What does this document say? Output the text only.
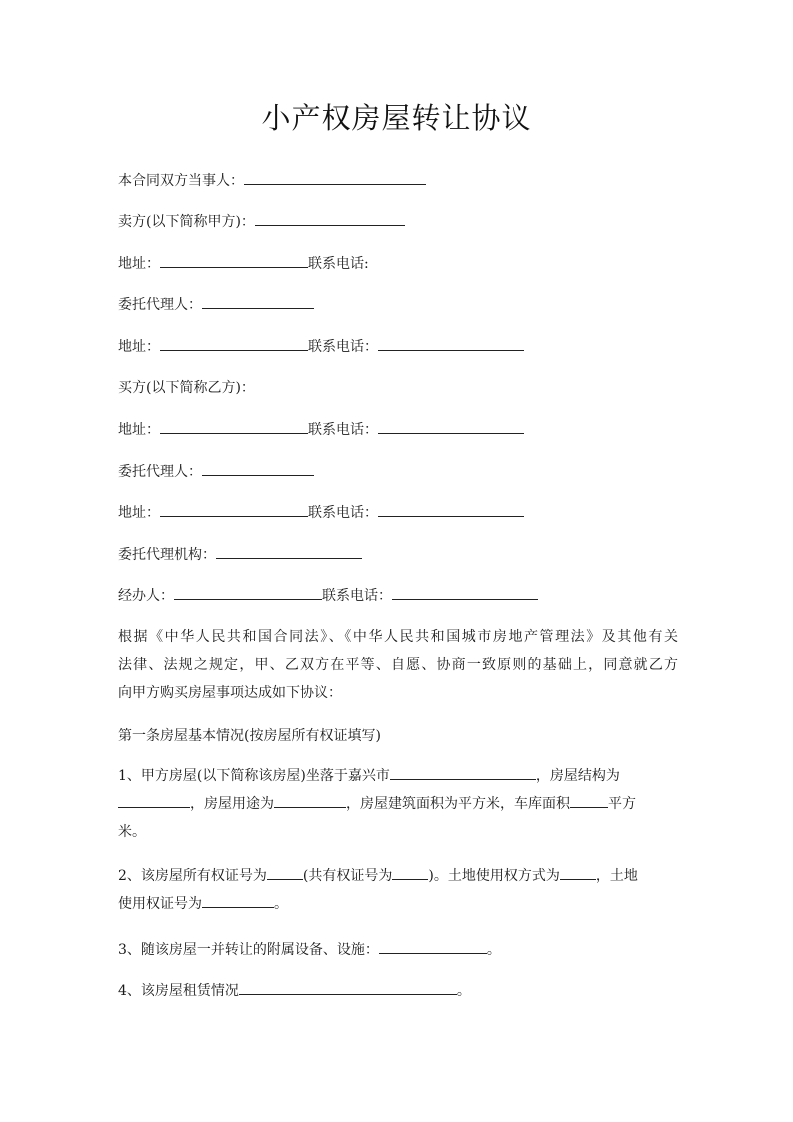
小产权房屋转让协议
本合同双方当事人：
卖方(以下简称甲方)：
地址：	联系电话:
委托代理人：
地址：	联系电话：
买方(以下简称乙方)：
地址：	联系电话：
委托代理人：
地址：	联系电话：
委托代理机构：
经办人：	联系电话：
根据《中华人民共和国合同法》、《中华人民共和国城市房地产管理法》及其他有关
法律、法规之规定，甲、乙双方在平等、自愿、协商一致原则的基础上，同意就乙方
向甲方购买房屋事项达成如下协议：
第一条房屋基本情况(按房屋所有权证填写)
1、甲方房屋(以下简称该房屋)坐落于嘉兴市	，房屋结构为
，房屋用途为	，房屋建筑面积为平方米，车库面积	平方
米。
2、该房屋所有权证号为	(共有权证号为	)。土地使用权方式为	，土地
使用权证号为	。
3、随该房屋一并转让的附属设备、设施：	。
4、该房屋租赁情况	。
